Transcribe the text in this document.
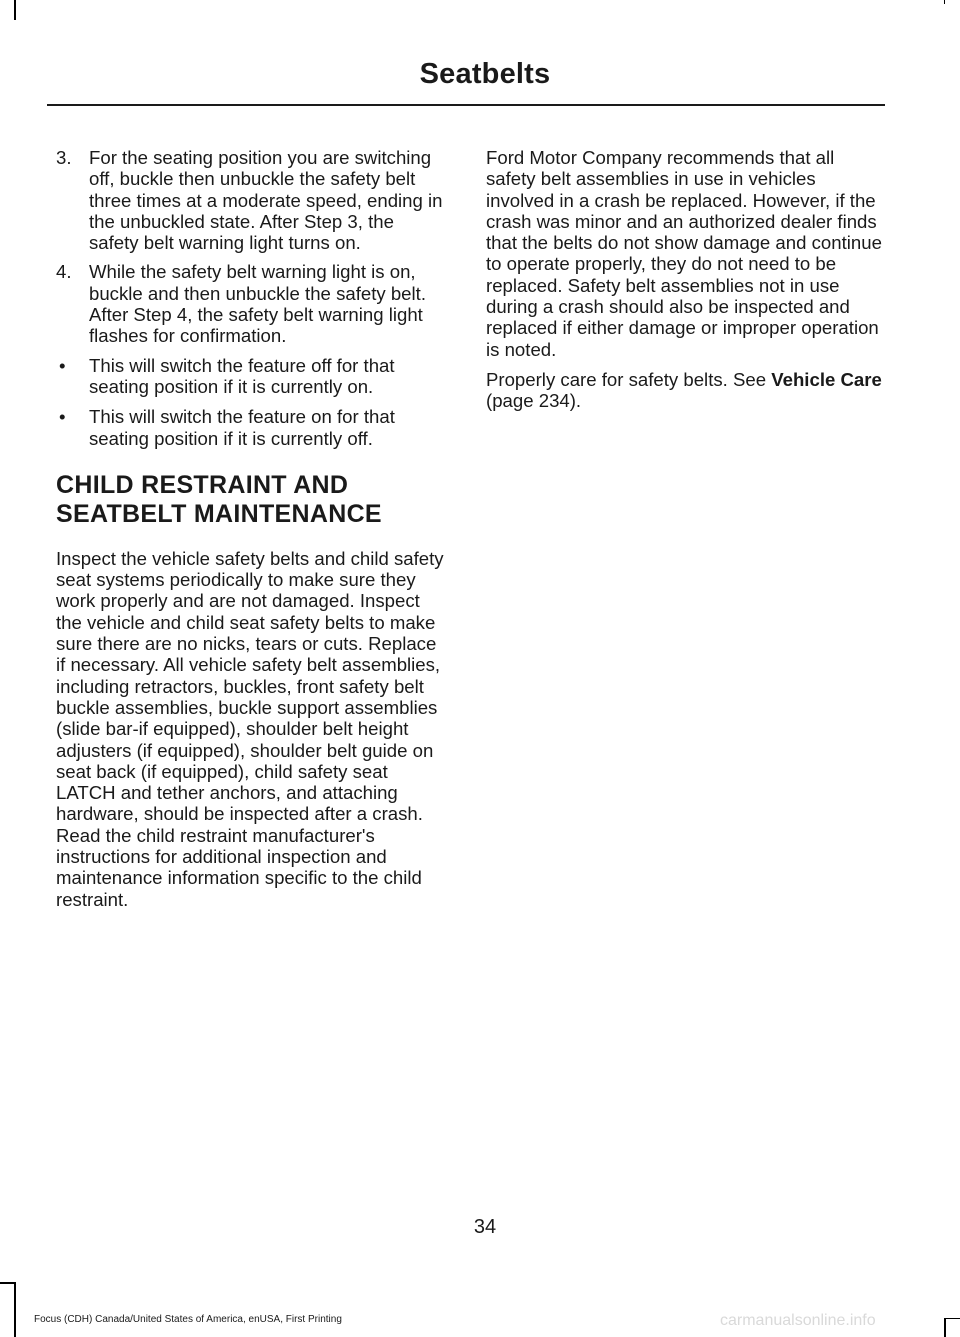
Seatbelts
3. For the seating position you are switching off, buckle then unbuckle the safety belt three times at a moderate speed, ending in the unbuckled state. After Step 3, the safety belt warning light turns on.
4. While the safety belt warning light is on, buckle and then unbuckle the safety belt. After Step 4, the safety belt warning light flashes for confirmation.
• This will switch the feature off for that seating position if it is currently on.
• This will switch the feature on for that seating position if it is currently off.
CHILD RESTRAINT AND SEATBELT MAINTENANCE

Inspect the vehicle safety belts and child safety seat systems periodically to make sure they work properly and are not damaged. Inspect the vehicle and child seat safety belts to make sure there are no nicks, tears or cuts. Replace if necessary. All vehicle safety belt assemblies, including retractors, buckles, front safety belt buckle assemblies, buckle support assemblies (slide bar-if equipped), shoulder belt height adjusters (if equipped), shoulder belt guide on seat back (if equipped), child safety seat LATCH and tether anchors, and attaching hardware, should be inspected after a crash. Read the child restraint manufacturer's instructions for additional inspection and maintenance information specific to the child restraint.

Ford Motor Company recommends that all safety belt assemblies in use in vehicles involved in a crash be replaced. However, if the crash was minor and an authorized dealer finds that the belts do not show damage and continue to operate properly, they do not need to be replaced. Safety belt assemblies not in use during a crash should also be inspected and replaced if either damage or improper operation is noted.

Properly care for safety belts. See Vehicle Care (page 234).

34
Focus (CDH) Canada/United States of America, enUSA, First Printing	carmanualsonline.info
